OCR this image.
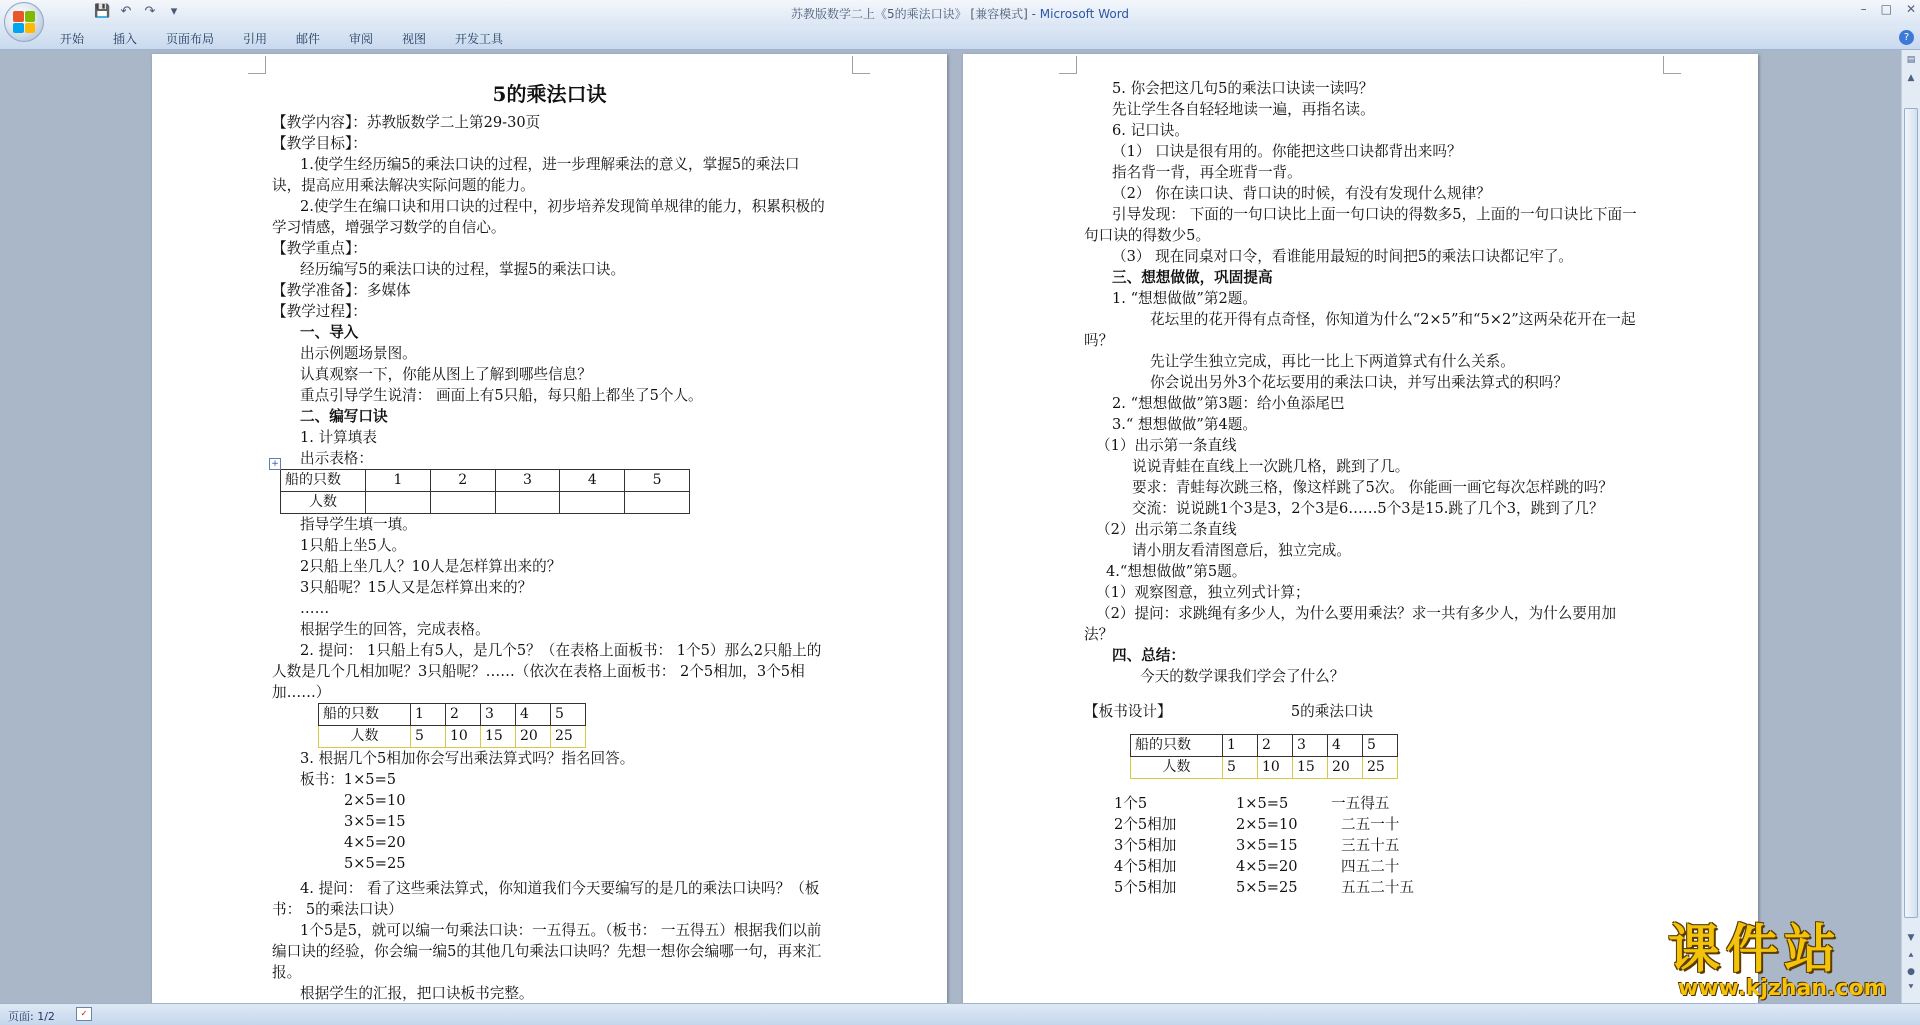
💾 ↶ ↷	▾	苏教版数学二上《5的乘法口诀》 [兼容模式] - Microsoft Word	– □ ✕
开始 插入 页面布局 引用 邮件 审阅 视图 开发工具	?
5的乘法口诀
【教学内容】：苏教版数学二上第29-30页
【教学目标】：
1.使学生经历编5的乘法口诀的过程，进一步理解乘法的意义，掌握5的乘法口诀，提高应用乘法解决实际问题的能力。
2.使学生在编口诀和用口诀的过程中，初步培养发现简单规律的能力，积累积极的学习情感，增强学习数学的自信心。
【教学重点】：
经历编写5的乘法口诀的过程，掌握5的乘法口诀。
【教学准备】：多媒体
【教学过程】：
一、导入
出示例题场景图。
认真观察一下，你能从图上了解到哪些信息？
重点引导学生说清： 画面上有5只船，每只船上都坐了5个人。
二、编写口诀
1. 计算填表
出示表格：
船的只数	1	2	3	4	5
人数					
指导学生填一填。
1只船上坐5人。
2只船上坐几人？10人是怎样算出来的？
3只船呢？15人又是怎样算出来的？
……
根据学生的回答，完成表格。
2. 提问： 1只船上有5人，是几个5？（在表格上面板书： 1个5）那么2只船上的人数是几个几相加呢？3只船呢？……（依次在表格上面板书： 2个5相加，3个5相加……）
船的只数	1	2	3	4	5
人数	5	10	15	20	25
3. 根据几个5相加你会写出乘法算式吗？指名回答。
板书：1×5=5
2×5=10
3×5=15
4×5=20
5×5=25
4. 提问： 看了这些乘法算式，你知道我们今天要编写的是几的乘法口诀吗？（板书： 5的乘法口诀）
1个5是5，就可以编一句乘法口诀：一五得五。（板书： 一五得五）根据我们以前编口诀的经验，你会编一编5的其他几句乘法口诀吗？先想一想你会编哪一句，再来汇报。
根据学生的汇报，把口诀板书完整。
+
5. 你会把这几句5的乘法口诀读一读吗？
先让学生各自轻轻地读一遍，再指名读。
6. 记口诀。
（1） 口诀是很有用的。你能把这些口诀都背出来吗？
指名背一背，再全班背一背。
（2） 你在读口诀、背口诀的时候，有没有发现什么规律？
引导发现： 下面的一句口诀比上面一句口诀的得数多5，上面的一句口诀比下面一句口诀的得数少5。
（3） 现在同桌对口令，看谁能用最短的时间把5的乘法口诀都记牢了。
三、想想做做，巩固提高
1. “想想做做”第2题。
花坛里的花开得有点奇怪，你知道为什么“2×5”和“5×2”这两朵花开在一起吗？
先让学生独立完成，再比一比上下两道算式有什么关系。
你会说出另外3个花坛要用的乘法口诀，并写出乘法算式的积吗？
2. “想想做做”第3题：给小鱼添尾巴
3.“ 想想做做”第4题。
（1）出示第一条直线
说说青蛙在直线上一次跳几格，跳到了几。
要求：青蛙每次跳三格，像这样跳了5次。 你能画一画它每次怎样跳的吗？
交流：说说跳1个3是3，2个3是6……5个3是15.跳了几个3，跳到了几？
（2）出示第二条直线
请小朋友看清图意后，独立完成。
4.“想想做做”第5题。
（1）观察图意，独立列式计算；
（2）提问：求跳绳有多少人，为什么要用乘法？求一共有多少人，为什么要用加法？
四、总结：
今天的数学课我们学会了什么？
【板书设计】	5的乘法口诀
船的只数	1	2	3	4	5
人数	5	10	15	20	25
1个5	1×5=5	一五得五
2个5相加	2×5=10	二五一十
3个5相加	3×5=15	三五十五
4个5相加	4×5=20	四五二十
5个5相加	5×5=25	五五二十五
▤
▲
▼
⯅
●
⯆
页面: 1/2	✓
课件站
www.kjzhan.com
